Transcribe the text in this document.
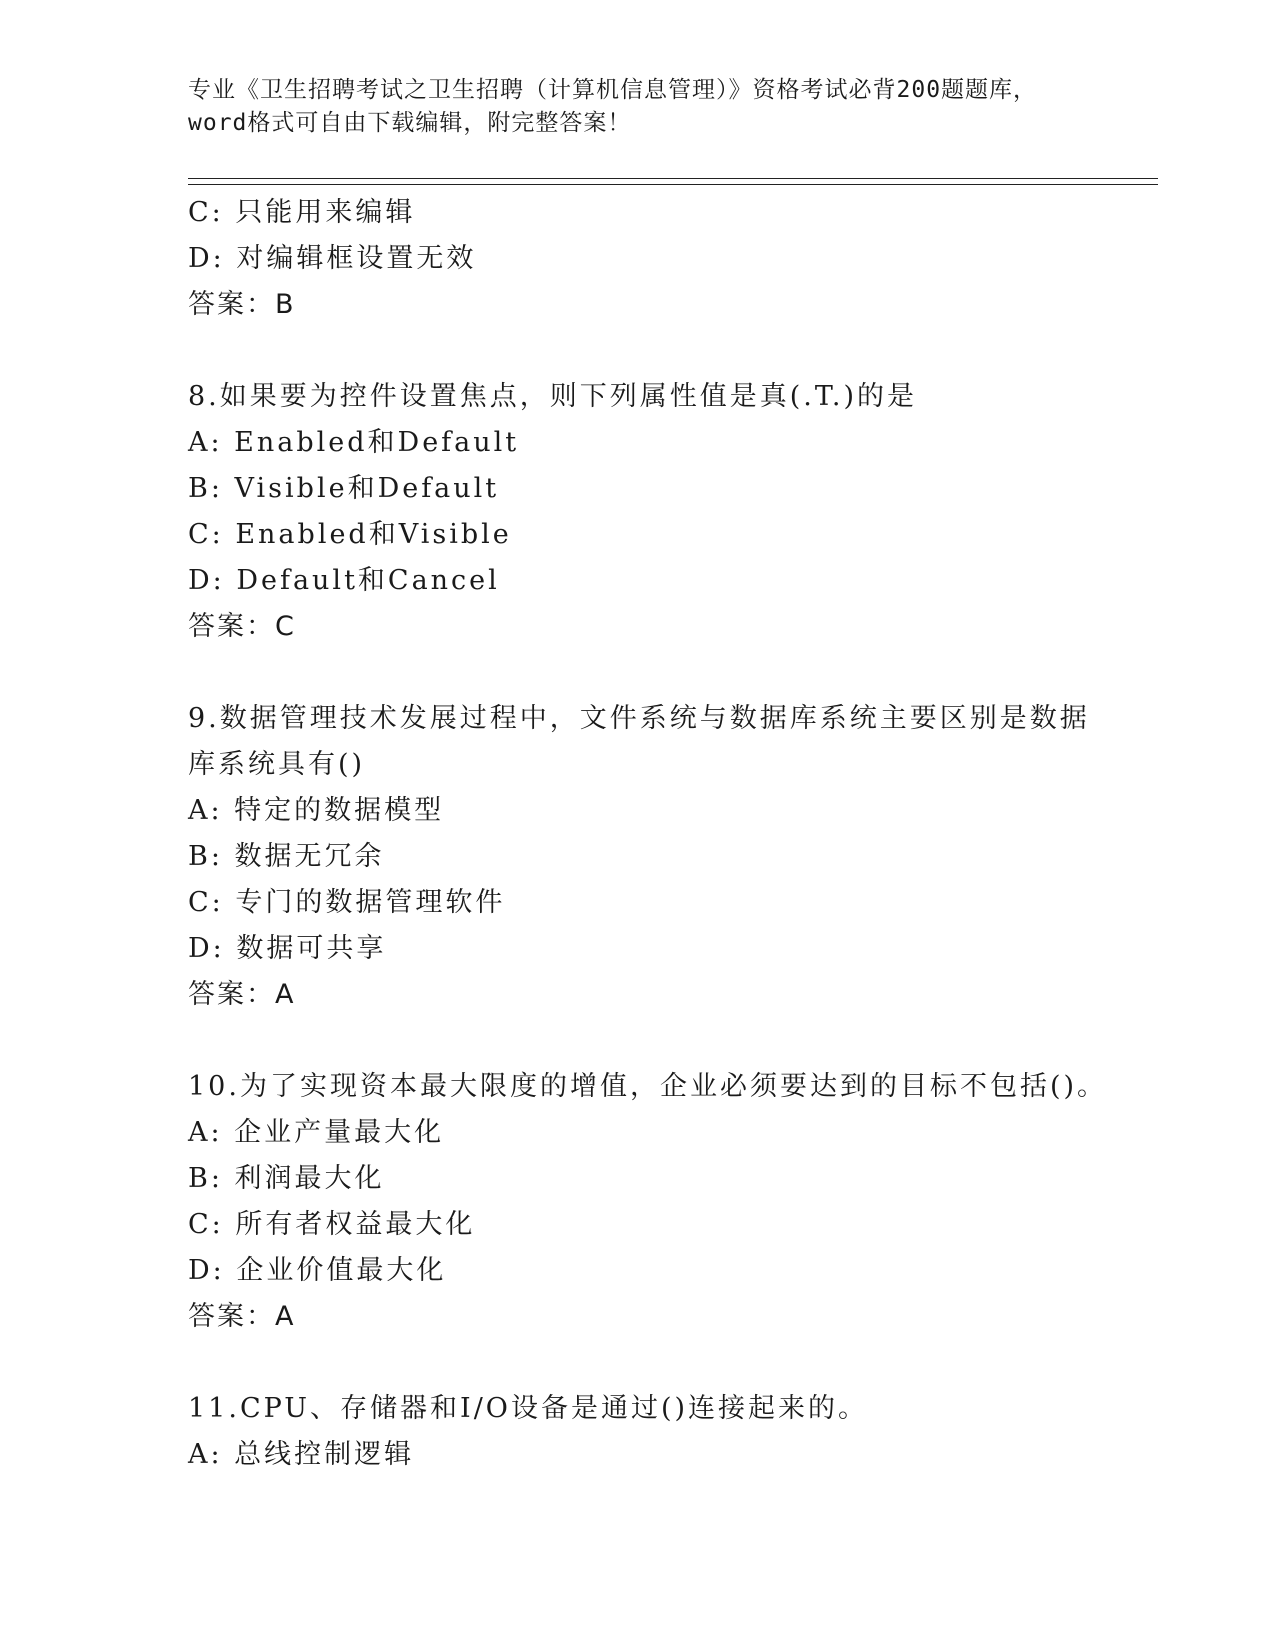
专业《卫生招聘考试之卫生招聘（计算机信息管理）》资格考试必背200题题库，
word格式可自由下载编辑，附完整答案！
C: 只能用来编辑
D: 对编辑框设置无效
答案：B
8.如果要为控件设置焦点，则下列属性值是真(.T.)的是
A: Enabled和Default
B: Visible和Default
C: Enabled和Visible
D: Default和Cancel
答案：C
9.数据管理技术发展过程中，文件系统与数据库系统主要区别是数据
库系统具有()
A: 特定的数据模型
B: 数据无冗余
C: 专门的数据管理软件
D: 数据可共享
答案：A
10.为了实现资本最大限度的增值，企业必须要达到的目标不包括()。
A: 企业产量最大化
B: 利润最大化
C: 所有者权益最大化
D: 企业价值最大化
答案：A
11.CPU、存储器和I/O设备是通过()连接起来的。
A: 总线控制逻辑
